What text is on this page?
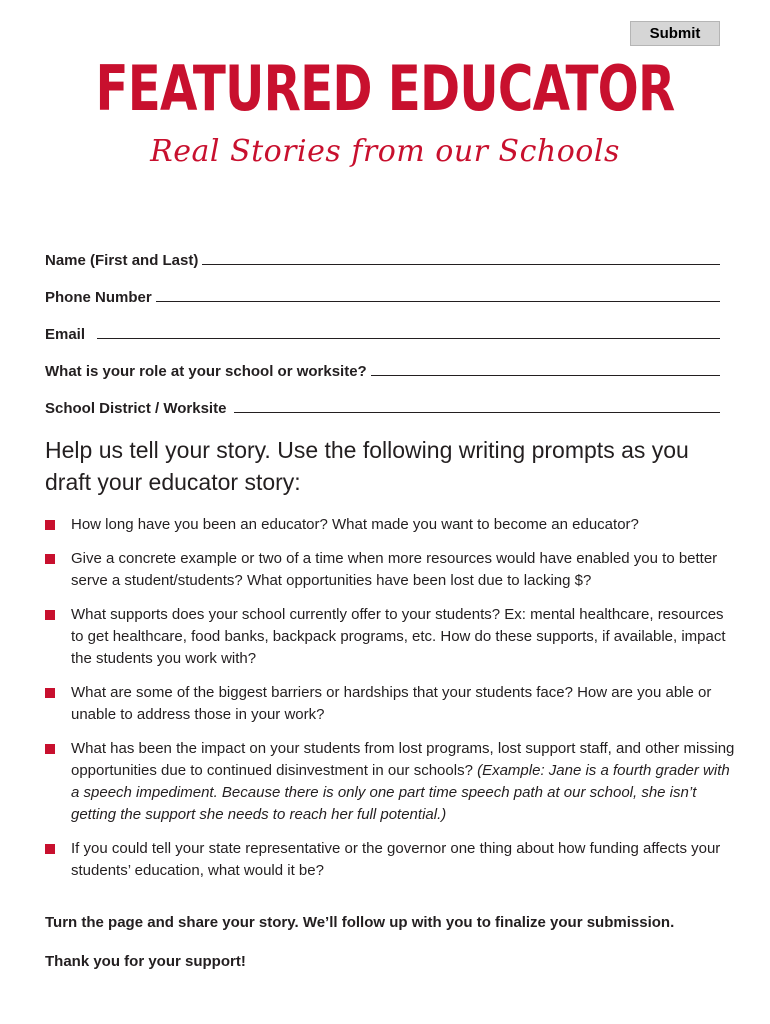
Submit
FEATURED EDUCATOR
Real Stories from our Schools
Name (First and Last)
Phone Number
Email
What is your role at your school or worksite?
School District / Worksite
Help us tell your story. Use the following writing prompts as you draft your educator story:
How long have you been an educator? What made you want to become an educator?
Give a concrete example or two of a time when more resources would have enabled you to better serve a student/students? What opportunities have been lost due to lacking $?
What supports does your school currently offer to your students? Ex: mental healthcare, resources to get healthcare, food banks, backpack programs, etc. How do these supports, if available, impact the students you work with?
What are some of the biggest barriers or hardships that your students face? How are you able or unable to address those in your work?
What has been the impact on your students from lost programs, lost support staff, and other missing opportunities due to continued disinvestment in our schools? (Example: Jane is a fourth grader with a speech impediment. Because there is only one part time speech path at our school, she isn’t getting the support she needs to reach her full potential.)
If you could tell your state representative or the governor one thing about how funding affects your students’ education, what would it be?
Turn the page and share your story. We’ll follow up with you to finalize your submission.
Thank you for your support!
